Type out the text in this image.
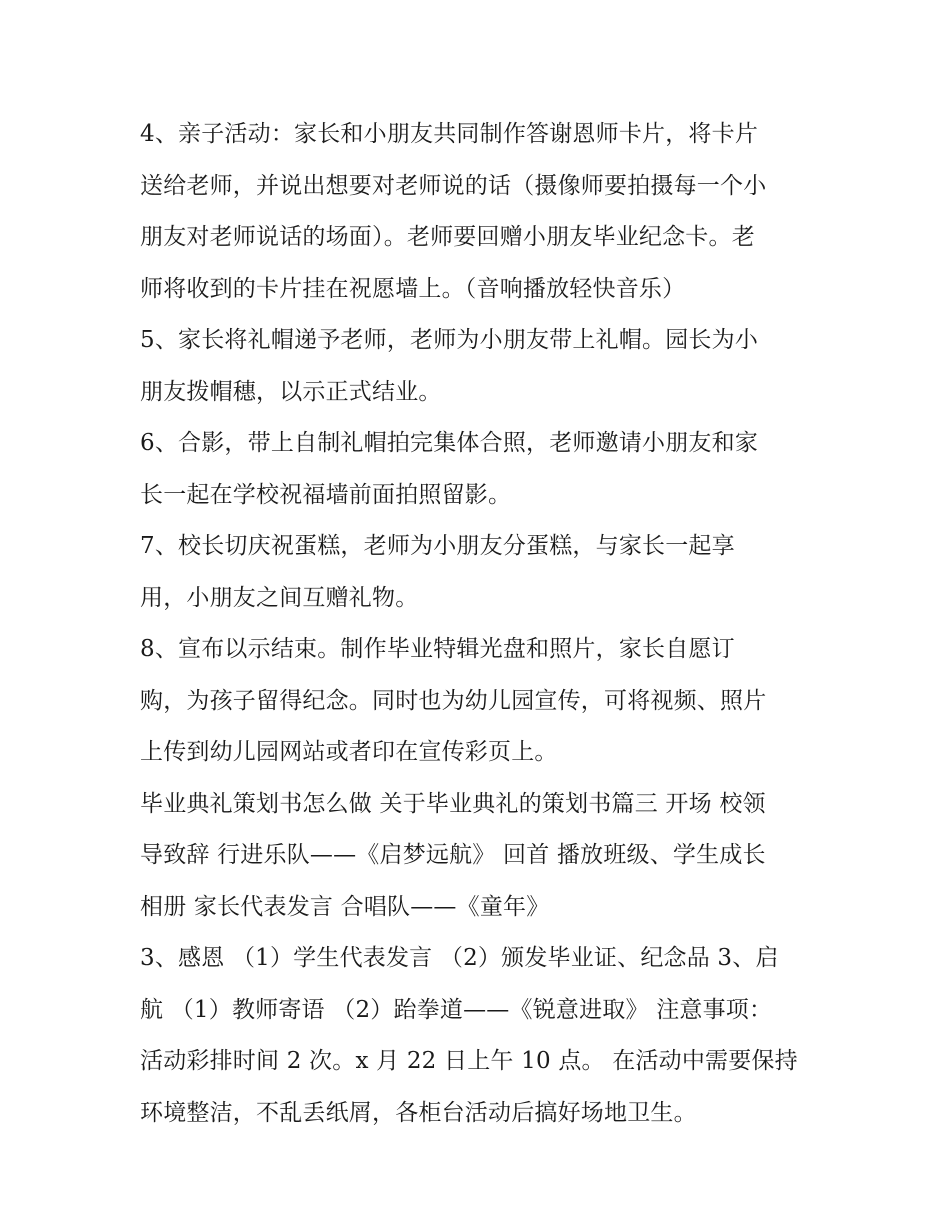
4、亲子活动：家长和小朋友共同制作答谢恩师卡片，将卡片
送给老师，并说出想要对老师说的话（摄像师要拍摄每一个小
朋友对老师说话的场面）。老师要回赠小朋友毕业纪念卡。老
师将收到的卡片挂在祝愿墙上。（音响播放轻快音乐）
5、家长将礼帽递予老师，老师为小朋友带上礼帽。园长为小
朋友拨帽穗，以示正式结业。
6、合影，带上自制礼帽拍完集体合照，老师邀请小朋友和家
长一起在学校祝福墙前面拍照留影。
7、校长切庆祝蛋糕，老师为小朋友分蛋糕，与家长一起享
用，小朋友之间互赠礼物。
8、宣布以示结束。制作毕业特辑光盘和照片，家长自愿订
购，为孩子留得纪念。同时也为幼儿园宣传，可将视频、照片
上传到幼儿园网站或者印在宣传彩页上。
毕业典礼策划书怎么做 关于毕业典礼的策划书篇三 开场 校领
导致辞 行进乐队——《启梦远航》 回首 播放班级、学生成长
相册 家长代表发言 合唱队——《童年》
3、感恩 （1）学生代表发言 （2）颁发毕业证、纪念品 3、启
航 （1）教师寄语 （2）跆拳道——《锐意进取》 注意事项：
活动彩排时间 2 次。x 月 22 日上午 10 点。 在活动中需要保持
环境整洁，不乱丢纸屑，各柜台活动后搞好场地卫生。
